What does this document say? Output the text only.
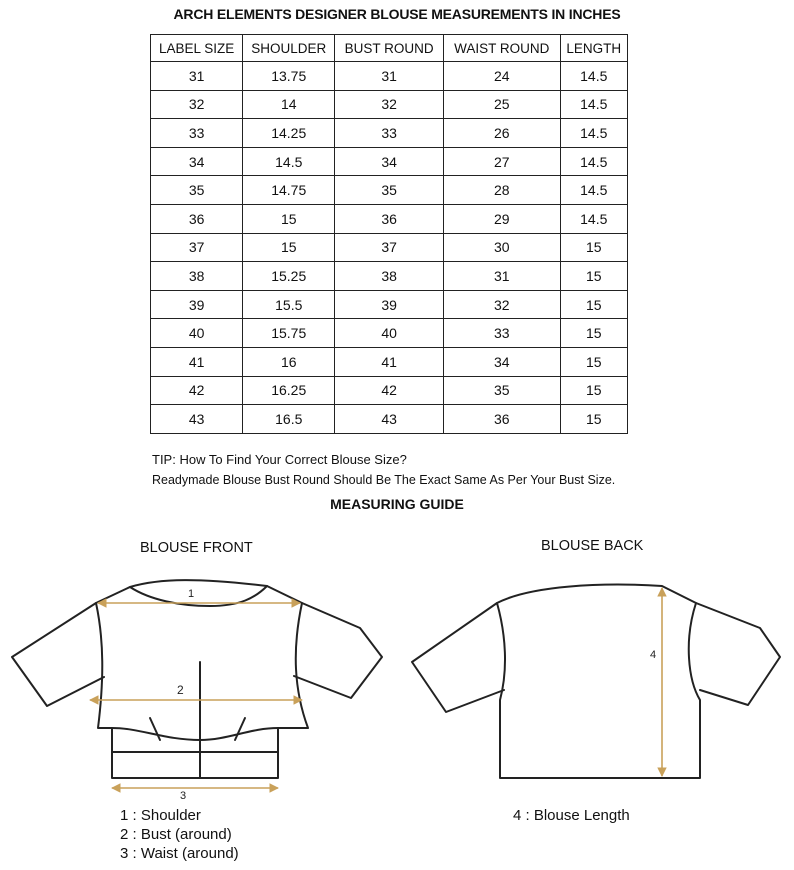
ARCH ELEMENTS DESIGNER BLOUSE MEASUREMENTS IN INCHES
LABEL SIZE	SHOULDER	BUST ROUND	WAIST ROUND	LENGTH
31	13.75	31	24	14.5
32	14	32	25	14.5
33	14.25	33	26	14.5
34	14.5	34	27	14.5
35	14.75	35	28	14.5
36	15	36	29	14.5
37	15	37	30	15
38	15.25	38	31	15
39	15.5	39	32	15
40	15.75	40	33	15
41	16	41	34	15
42	16.25	42	35	15
43	16.5	43	36	15
TIP: How To Find Your Correct Blouse Size?
Readymade Blouse Bust Round Should Be The Exact Same As Per Your Bust Size.
MEASURING GUIDE
BLOUSE FRONT	BLOUSE BACK
1
2
3
4
1 : Shoulder
2 : Bust (around)
3 : Waist (around)
4 : Blouse Length
